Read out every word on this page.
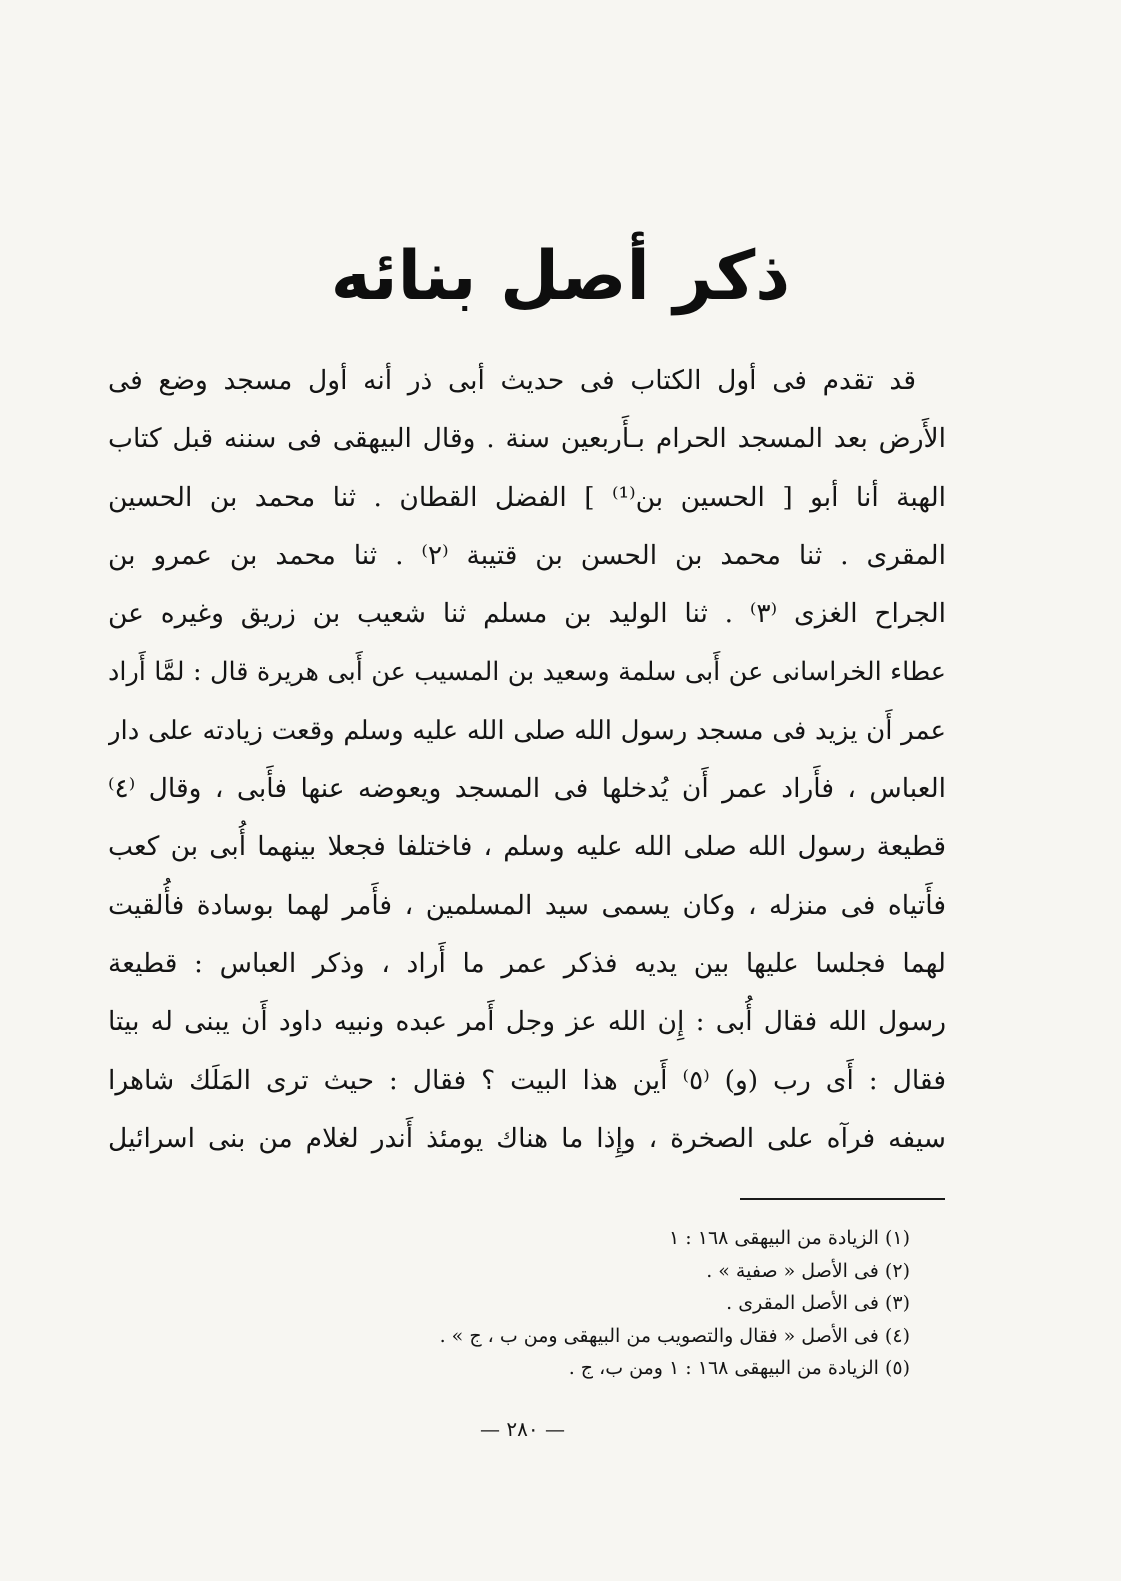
ذكر أصل بنائه
قد تقدم فى أول الكتاب فى حديث أبى ذر أنه أول مسجد وضع فى
الأَرض بعد المسجد الحرام بـأَربعين سنة . وقال البيهقى فى سننه قبل كتاب
الهبة أنا أبو [ الحسين بن⁽¹⁾ ] الفضل القطان . ثنا محمد بن الحسين
المقرى . ثنا محمد بن الحسن بن قتيبة ⁽٢⁾ . ثنا محمد بن عمرو بن
الجراح الغزى ⁽٣⁾ . ثنا الوليد بن مسلم ثنا شعيب بن زريق وغيره عن
عطاء الخراسانى عن أَبى سلمة وسعيد بن المسيب عن أَبى هريرة قال : لمَّا أَراد
عمر أَن يزيد فى مسجد رسول الله صلى الله عليه وسلم وقعت زيادته على دار
العباس ، فأَراد عمر أَن يُدخلها فى المسجد ويعوضه عنها فأَبى ، وقال ⁽٤⁾
قطيعة رسول الله صلى الله عليه وسلم ، فاختلفا فجعلا بينهما أُبى بن كعب
فأَتياه فى منزله ، وكان يسمى سيد المسلمين ، فأَمر لهما بوسادة فأُلقيت
لهما فجلسا عليها بين يديه فذكر عمر ما أَراد ، وذكر العباس : قطيعة
رسول الله فقال أُبى : إِن الله عز وجل أَمر عبده ونبيه داود أَن يبنى له بيتا
فقال : أَى رب (و) ⁽٥⁾ أَين هذا البيت ؟ فقال : حيث ترى المَلَك شاهرا
سيفه فرآه على الصخرة ، وإِذا ما هناك يومئذ أَندر لغلام من بنى اسرائيل
(١) الزيادة من البيهقى ١٦٨ : ١
(٢) فى الأصل « صفية » .
(٣) فى الأصل المقرى .
(٤) فى الأصل « فقال والتصويب من البيهقى ومن ب ، ج » .
(٥) الزيادة من البيهقى ١٦٨ : ١ ومن ب، ج .
— ٢٨٠ —
